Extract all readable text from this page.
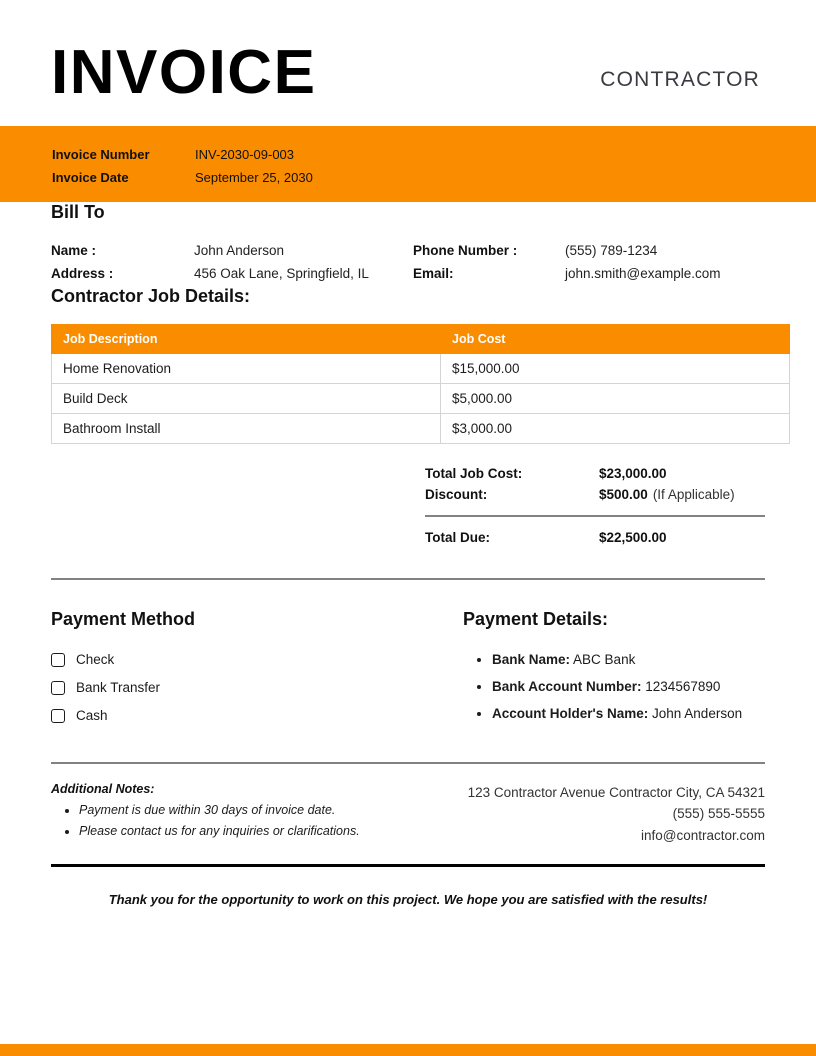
INVOICE	CONTRACTOR
Invoice Number	INV-2030-09-003
Invoice Date	September 25, 2030
Bill To
Name :	John Anderson
Address :	456 Oak Lane, Springfield, IL
Phone Number :	(555) 789-1234
Email:	john.smith@example.com
Contractor Job Details:
Job Description	Job Cost
Home Renovation	$15,000.00
Build Deck	$5,000.00
Bathroom Install	$3,000.00
Total Job Cost:	$23,000.00
Discount:	$500.00 (If Applicable)
Total Due:	$22,500.00
Payment Method
Check
Bank Transfer
Cash
Payment Details:
• Bank Name: ABC Bank
• Bank Account Number: 1234567890
• Account Holder's Name: John Anderson
Additional Notes:
• Payment is due within 30 days of invoice date.
• Please contact us for any inquiries or clarifications.
123 Contractor Avenue Contractor City, CA 54321
(555) 555-5555
info@contractor.com
Thank you for the opportunity to work on this project. We hope you are satisfied with the results!
